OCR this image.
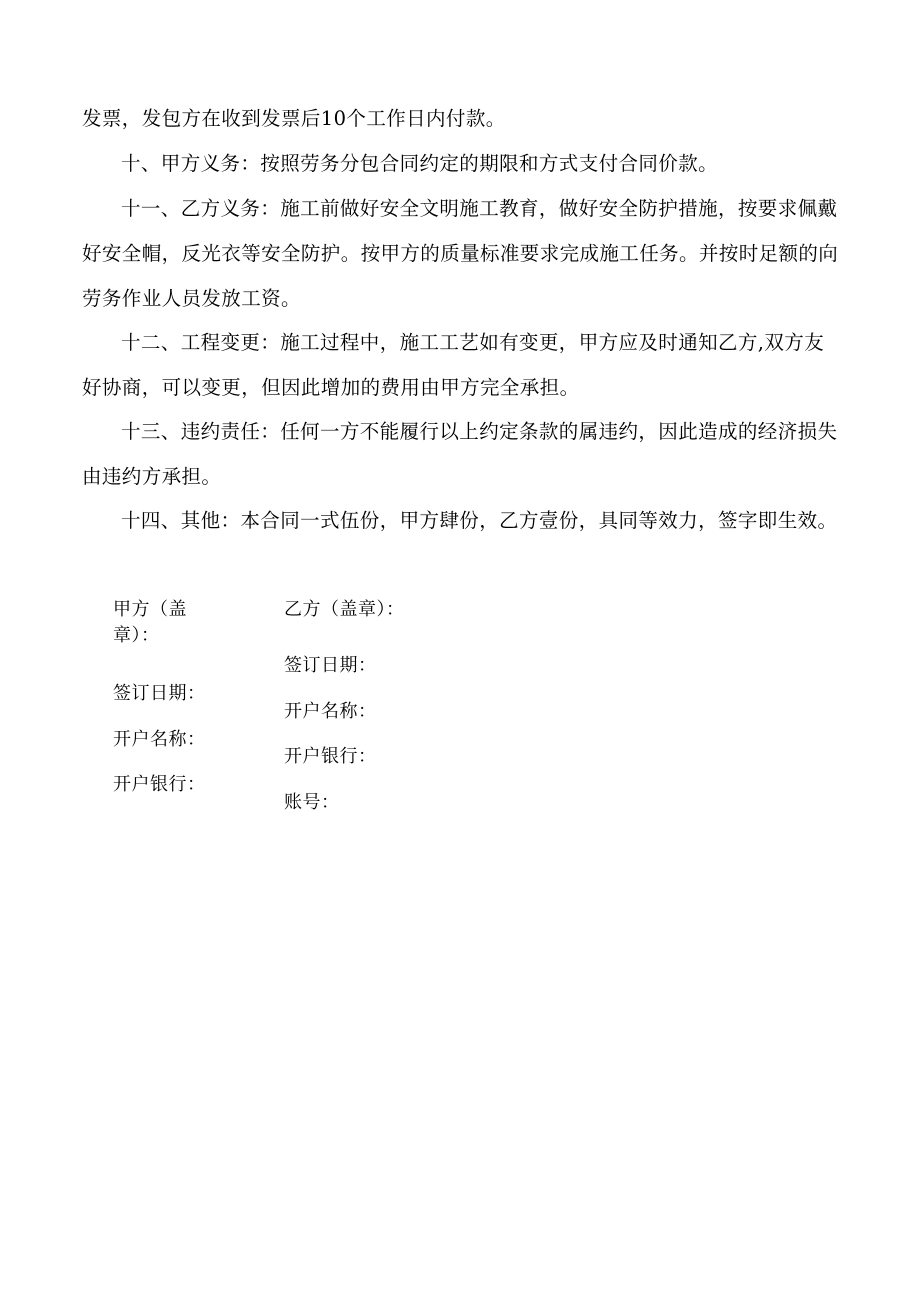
发票，发包方在收到发票后10个工作日内付款。

十、甲方义务：按照劳务分包合同约定的期限和方式支付合同价款。

十一、乙方义务：施工前做好安全文明施工教育，做好安全防护措施，按要求佩戴
好安全帽，反光衣等安全防护。按甲方的质量标准要求完成施工任务。并按时足额的向
劳务作业人员发放工资。

十二、工程变更：施工过程中，施工工艺如有变更，甲方应及时通知乙方,双方友
好协商，可以变更，但因此增加的费用由甲方完全承担。

十三、违约责任：任何一方不能履行以上约定条款的属违约，因此造成的经济损失
由违约方承担。

十四、其他：本合同一式伍份，甲方肆份，乙方壹份，具同等效力，签字即生效。

甲方（盖
章）：
签订日期：
开户名称：
开户银行：
乙方（盖章）：
签订日期：
开户名称：
开户银行：
账号：
